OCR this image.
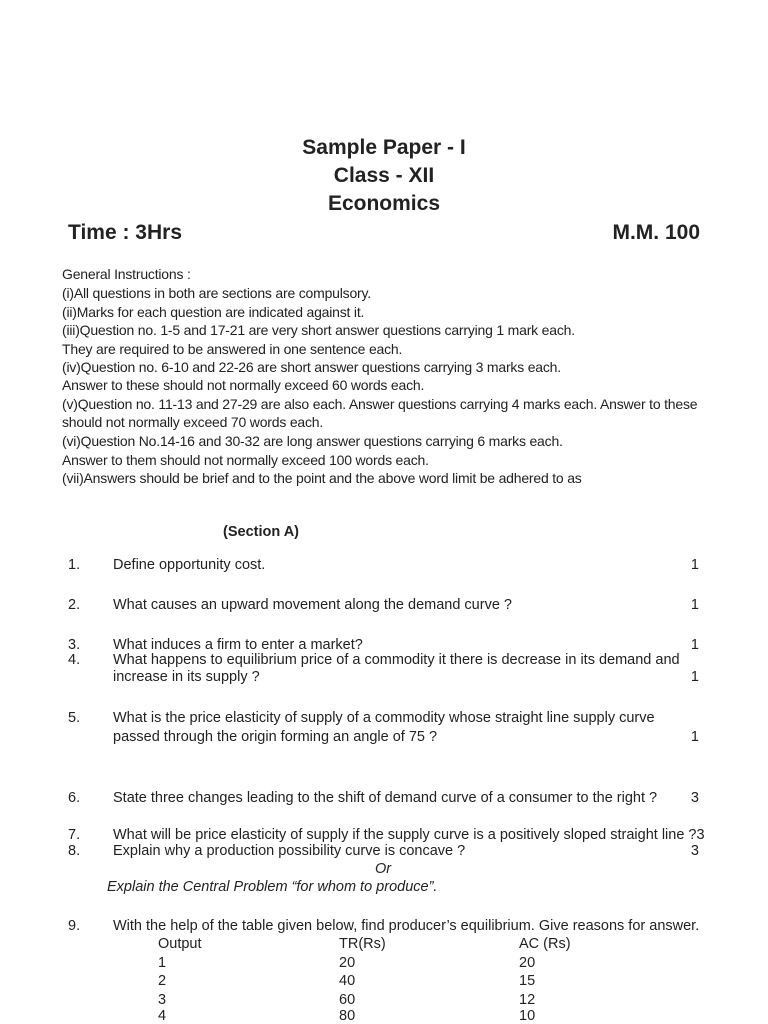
Sample Paper - I
Class - XII
Economics
Time : 3Hrs	M.M. 100
General Instructions :
(i)All questions in both are sections are compulsory.
(ii)Marks for each question are indicated against it.
(iii)Question no. 1-5 and 17-21 are very short answer questions carrying 1 mark each.
They are required to be answered in one sentence each.
(iv)Question no. 6-10 and 22-26 are short answer questions carrying 3 marks each.
Answer to these should not normally exceed 60 words each.
(v)Question no. 11-13 and 27-29 are also each. Answer questions carrying 4 marks each. Answer to these
should not normally exceed 70 words each.
(vi)Question No.14-16 and 30-32 are long answer questions carrying 6 marks each.
Answer to them should not normally exceed 100 words each.
(vii)Answers should be brief and to the point and the above word limit be adhered to as
(Section A)
1. Define opportunity cost.	1
2. What causes an upward movement along the demand curve ?	1
3. What induces a firm to enter a market?	1
4. What happens to equilibrium price of a commodity it there is decrease in its demand and
increase in its supply ?	1
5. What is the price elasticity of supply of a commodity whose straight line supply curve
passed through the origin forming an angle of 75 ?	1
6. State three changes leading to the shift of demand curve of a consumer to the right ? 3
7. What will be price elasticity of supply if the supply curve is a positively sloped straight line ?3
8. Explain why a production possibility curve is concave ?	3
Or
Explain the Central Problem “for whom to produce”.
9. With the help of the table given below, find producer’s equilibrium. Give reasons for answer.
Output	TR(Rs)	AC (Rs)
1	20	20
2	40	15
3	60	12
4	80	10
